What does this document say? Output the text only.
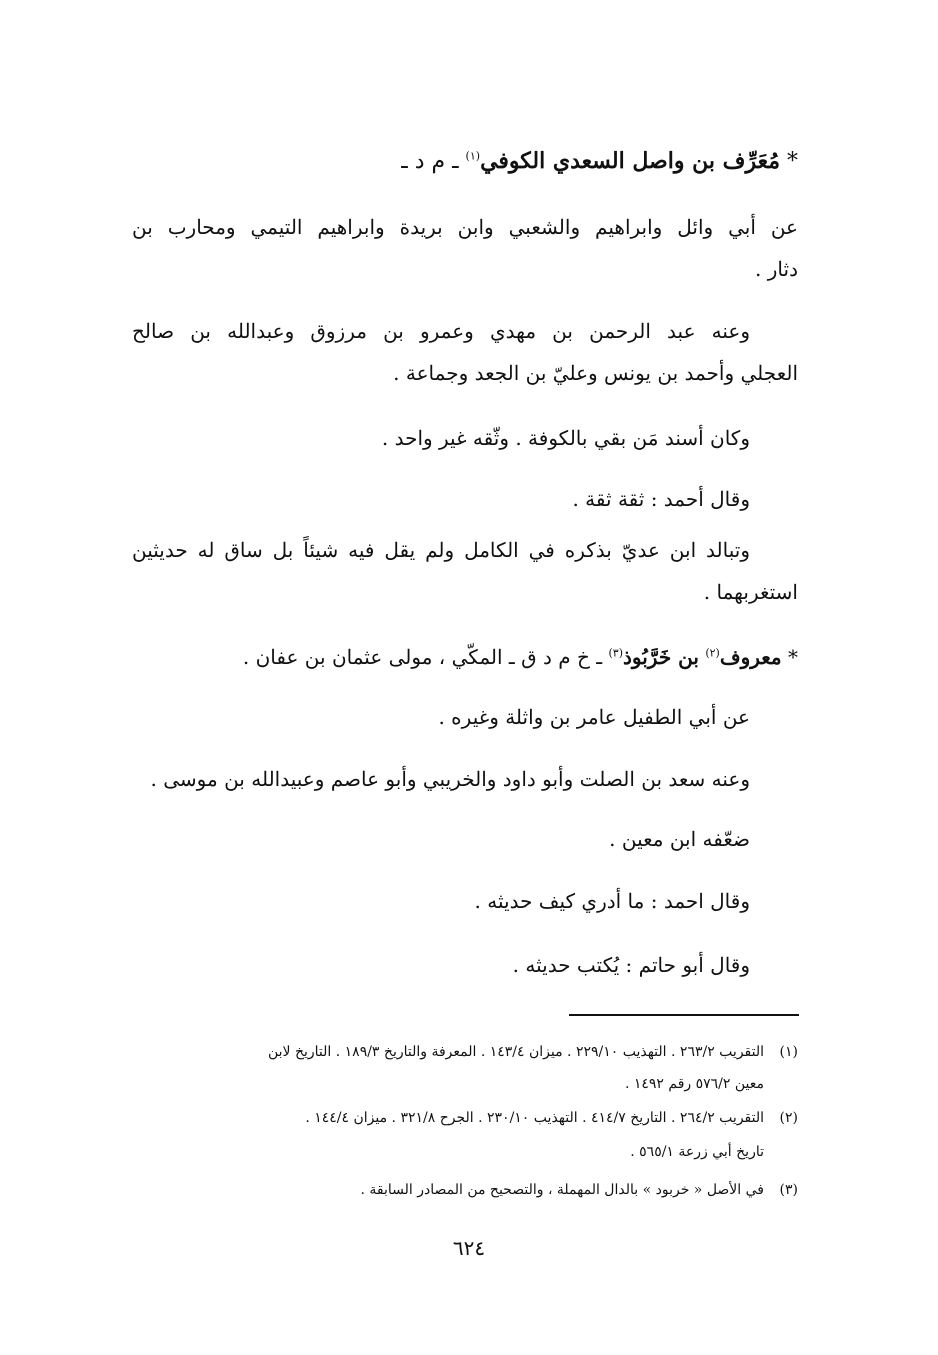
* مُعَرِّف بن واصل السعدي الكوفي$^{(١)}$ ـ م د ـ
عن أبي وائل وابراهيم والشعبي وابن بريدة وابراهيم التيمي ومحارب بن
دثار .
وعنه عبد الرحمن بن مهدي وعمرو بن مرزوق وعبدالله بن صالح
العجلي وأحمد بن يونس وعليّ بن الجعد وجماعة .
وكان أسند مَن بقي بالكوفة . وثّقه غير واحد .
وقال أحمد : ثقة ثقة .
وتبالد ابن عديّ بذكره في الكامل ولم يقل فيه شيئاً بل ساق له حديثين
استغربهما .
* معروف$^{(٢)}$ بن خَرَّبُوذ$^{(٣)}$ ـ خ م د ق ـ المكّي ، مولى عثمان بن عفان .
عن أبي الطفيل عامر بن واثلة وغيره .
وعنه سعد بن الصلت وأبو داود والخريبي وأبو عاصم وعبيدالله بن موسى .
ضعّفه ابن معين .
وقال احمد : ما أدري كيف حديثه .
وقال أبو حاتم : يُكتب حديثه .
(١)التقريب ٢٦٣/٢ . التهذيب ٢٢٩/١٠ . ميزان ١٤٣/٤ . المعرفة والتاريخ ١٨٩/٣ . التاريخ لابن
معين ٥٧٦/٢ رقم ١٤٩٢ .
(٢)التقريب ٢٦٤/٢ . التاريخ ٤١٤/٧ . التهذيب ٢٣٠/١٠ . الجرح ٣٢١/٨ . ميزان ١٤٤/٤ .
تاريخ أبي زرعة ٥٦٥/١ .
(٣)في الأصل « خربود » بالدال المهملة ، والتصحيح من المصادر السابقة .
٦٢٤
